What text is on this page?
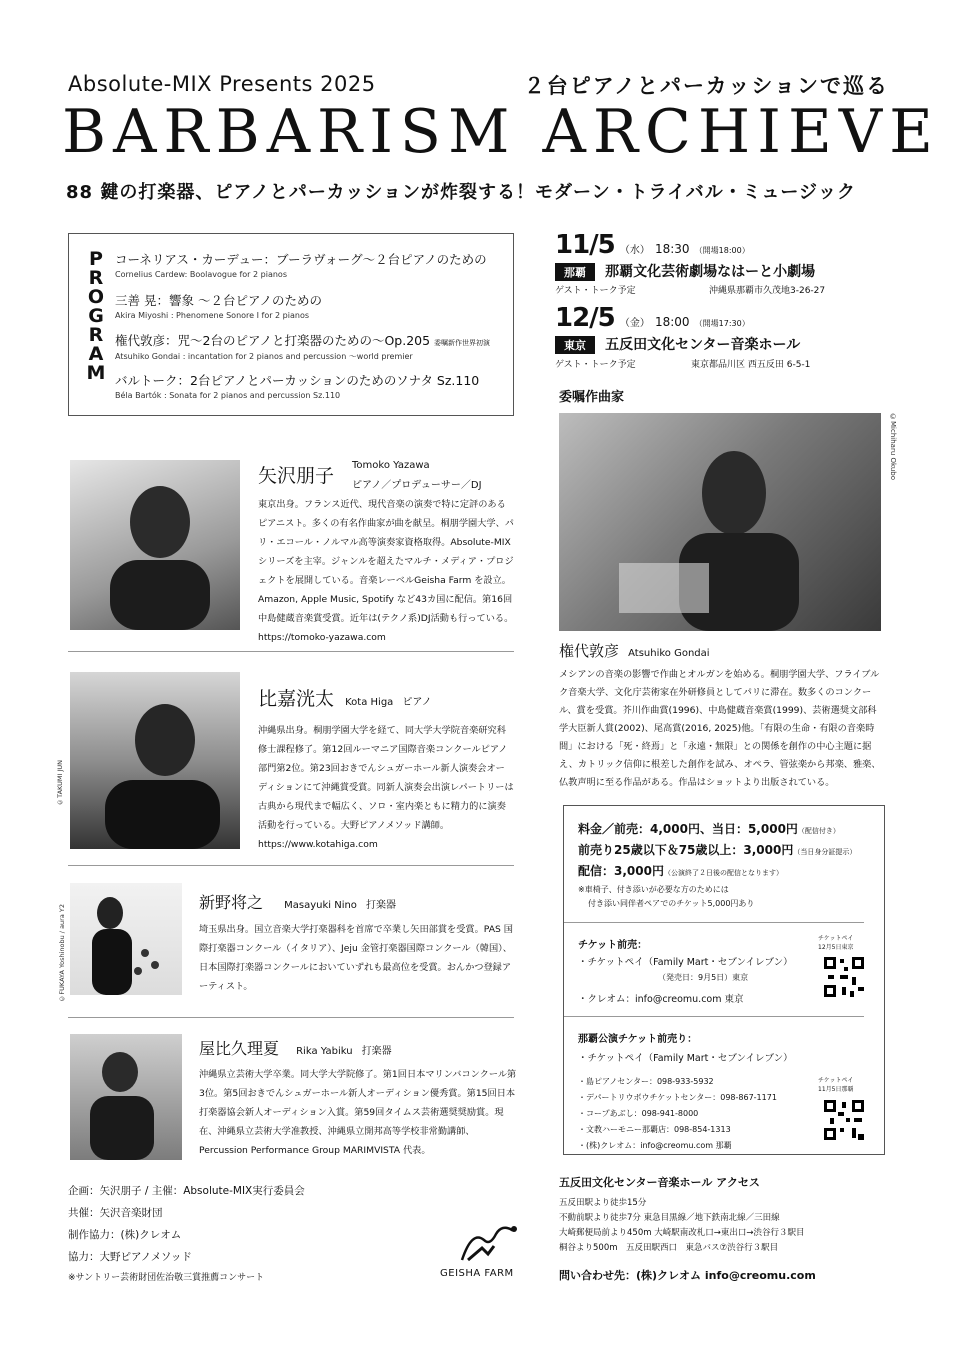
Absolute-MIX Presents 2025	２台ピアノとパーカッションで巡る
BARBARISM ARCHIEVE
88 鍵の打楽器、ピアノとパーカッションが炸裂する！モダーン・トライバル・ミュージック
P
R
O
G
R
A
M
コーネリアス・カーデュー：ブーラヴォーグ〜２台ピアノのための
Cornelius Cardew: Boolavogue for 2 pianos
三善 晃：響象 〜２台ピアノのための
Akira Miyoshi : Phenomene Sonore I for 2 pianos
権代敦彦：咒〜2台のピアノと打楽器のための〜Op.205 委嘱新作世界初演
Atsuhiko Gondai : incantation for 2 pianos and percussion 〜world premier
バルトーク：2台ピアノとパーカッションのためのソナタ Sz.110
Béla Bartók : Sonata for 2 pianos and percussion Sz.110
11/5 （水） 18:30 （開場18:00）
那覇 那覇文化芸術劇場なはーと小劇場
ゲスト・トーク予定	沖縄県那覇市久茂地3-26-27
12/5 （金） 18:00 （開場17:30）
東京 五反田文化センター音楽ホール
ゲスト・トーク予定	東京都品川区 西五反田 6-5-1
委嘱作曲家
©Michiharu Okubo
権代敦彦 Atsuhiko Gondai
メシアンの音楽の影響で作曲とオルガンを始める。桐朋学園大学、フライブルク音楽大学、文化庁芸術家在外研修員としてパリに滞在。数多くのコンクール、賞を受賞。芥川作曲賞(1996)、中島健蔵音楽賞(1999)、芸術選奨文部科学大臣新人賞(2002)、尾高賞(2016, 2025)他。「有限の生命・有限の音楽時間」における「死・終焉」と「永遠・無限」との関係を創作の中心主題に据え、カトリック信仰に根差した創作を試み、オペラ、管弦楽から邦楽、雅楽、仏教声明に至る作品がある。作品はショットより出版されている。
矢沢朋子 Tomoko Yazawa
ピアノ／プロデューサー／DJ
東京出身。フランス近代、現代音楽の演奏で特に定評のあるピアニスト。多くの有名作曲家が曲を献呈。桐朋学園大学、パリ・エコール・ノルマル高等演奏家資格取得。Absolute-MIXシリーズを主宰。ジャンルを超えたマルチ・メディア・プロジェクトを展開している。音楽レーベルGeisha Farm を設立。Amazon, Apple Music, Spotify など43カ国に配信。第16回中島健蔵音楽賞受賞。近年は(テクノ系)DJ活動も行っている。https://tomoko-yazawa.com
©TAKUMI JUN
比嘉洸太 Kota Higa ピアノ
沖縄県出身。桐朋学園大学を経て、同大学大学院音楽研究科修士課程修了。第12回ルーマニア国際音楽コンクールピアノ部門第2位。第23回おきでんシュガーホール新人演奏会オーディションにて沖縄賞受賞。同新人演奏会出演レパートリーは古典から現代まで幅広く、ソロ・室内楽ともに精力的に演奏活動を行っている。大野ピアノメソッド講師。 https://www.kotahiga.com
©FUKAYA Yoshinobu / aura Y2
新野将之 Masayuki Nino 打楽器
埼玉県出身。国立音楽大学打楽器科を首席で卒業し矢田部賞を受賞。PAS 国際打楽器コンクール（イタリア）、Jeju 金管打楽器国際コンクール（韓国）、日本国際打楽器コンクールにおいていずれも最高位を受賞。おんかつ登録アーティスト。
屋比久理夏 Rika Yabiku 打楽器
沖縄県立芸術大学卒業。同大学大学院修了。第1回日本マリンバコンクール第3位。第5回おきでんシュガーホール新人オーディション優秀賞。第15回日本打楽器協会新人オーディション入賞。第59回タイムス芸術選奨奨励賞。現在、沖縄県立芸術大学准教授、沖縄県立開邦高等学校非常勤講師、Percussion Performance Group MARIMVISTA 代表。
料金／前売：4,000円、当日：5,000円（配信付き）
前売り25歳以下＆75歳以上：3,000円（当日身分証提示）
配信：3,000円（公演終了２日後の配信となります）
※車椅子、付き添いが必要な方のためには
付き添い同伴者ペアでのチケット5,000円あり
チケット前売：
・チケットペイ（Family Mart・セブンイレブン）
（発売日：9月5日）東京
・クレオム：info@creomu.com 東京
チケットペイ
12月5日東京
那覇公演チケット前売り：
・チケットペイ（Family Mart・セブンイレブン）
・島ピアノセンター：098-933-5932
・デパートリウボウチケットセンター：098-867-1171
・コープあぶし：098-941-8000
・文教ハーモニー那覇店：098-854-1313
・(株)クレオム：info@creomu.com 那覇
チケットペイ
11月5日那覇
五反田文化センター音楽ホール アクセス
五反田駅より徒歩15分
不動前駅より徒歩7分 東急目黒線／地下鉄南北線／三田線
大崎郵便局前より450m 大崎駅南改札口→東出口→渋谷行３駅目
桐谷より500m　五反田駅西口　東急バス⑦渋谷行３駅目
問い合わせ先：(株)クレオム info@creomu.com
企画：矢沢朋子 / 主催：Absolute-MIX実行委員会
共催：矢沢音楽財団
制作協力：(株)クレオム
協力：大野ピアノメソッド
※サントリー芸術財団佐治敬三賞推薦コンサート	GEISHA FARM
